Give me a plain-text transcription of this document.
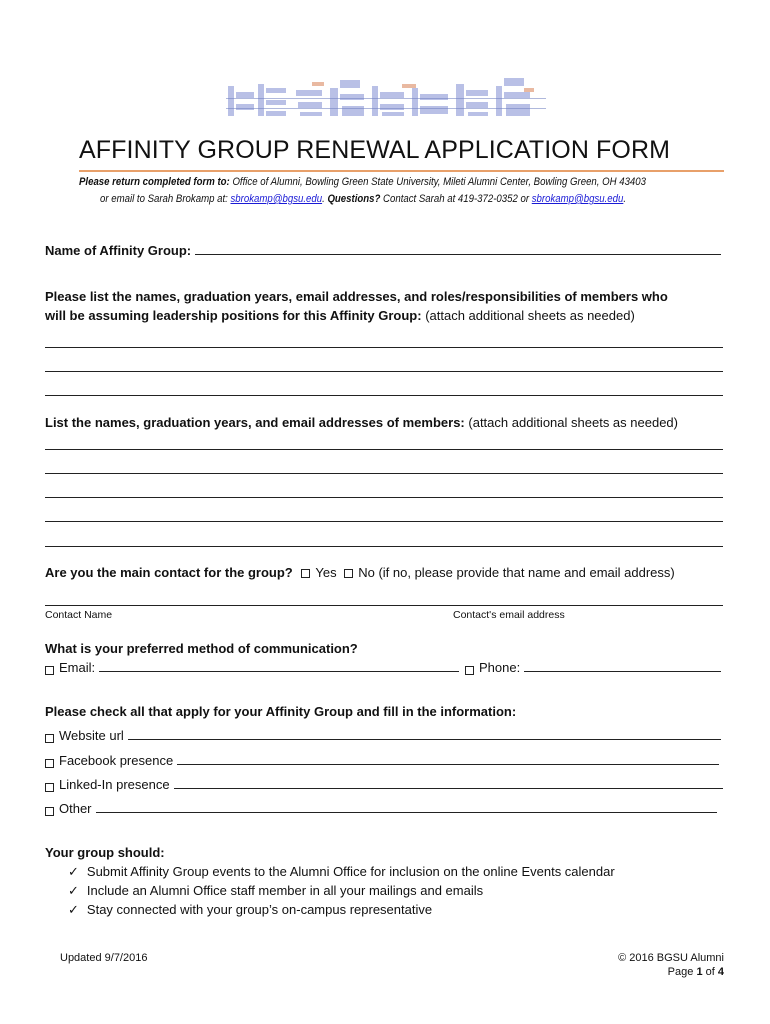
AFFINITY GROUP RENEWAL APPLICATION FORM
Please return completed form to: Office of Alumni, Bowling Green State University, Mileti Alumni Center, Bowling Green, OH 43403
or email to Sarah Brokamp at: sbrokamp@bgsu.edu. Questions? Contact Sarah at 419-372-0352 or sbrokamp@bgsu.edu.
Name of Affinity Group:
Please list the names, graduation years, email addresses, and roles/responsibilities of members who
will be assuming leadership positions for this Affinity Group: (attach additional sheets as needed)
List the names, graduation years, and email addresses of members: (attach additional sheets as needed)
Are you the main contact for the group? Yes No (if no, please provide that name and email address)
Contact Name	Contact's email address
What is your preferred method of communication?
Email:	Phone:
Please check all that apply for your Affinity Group and fill in the information:
Website url
Facebook presence
Linked-In presence
Other
Your group should:
✓ Submit Affinity Group events to the Alumni Office for inclusion on the online Events calendar
✓ Include an Alumni Office staff member in all your mailings and emails
✓ Stay connected with your group’s on-campus representative
Updated 9/7/2016	© 2016 BGSU Alumni
Page 1 of 4
